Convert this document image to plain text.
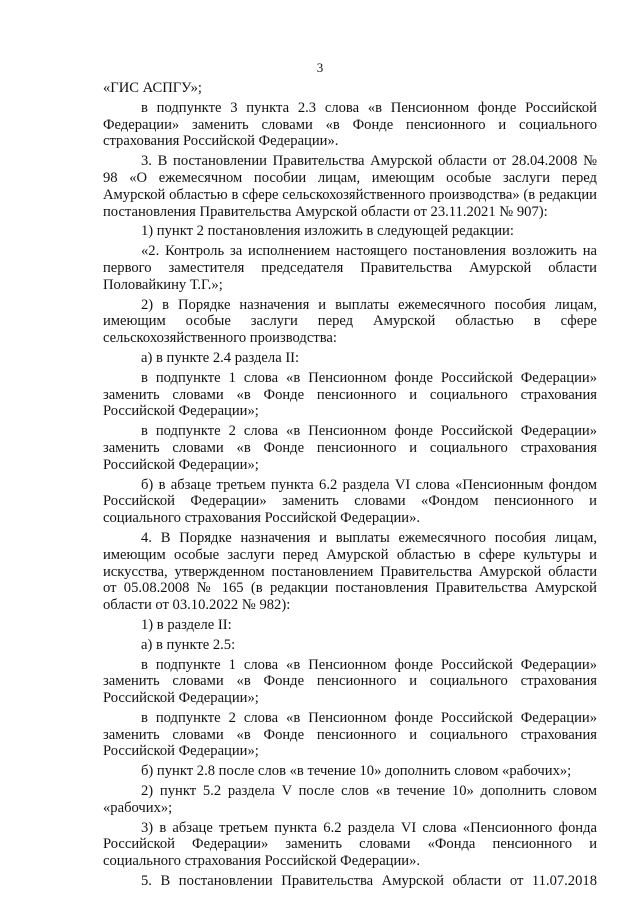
3

«ГИС АСПГУ»;

в подпункте 3 пункта 2.3 слова «в Пенсионном фонде Российской Федерации» заменить словами «в Фонде пенсионного и социального страхования Российской Федерации».

3. В постановлении Правительства Амурской области от 28.04.2008 № 98 «О ежемесячном пособии лицам, имеющим особые заслуги перед Амурской областью в сфере сельскохозяйственного производства» (в редакции постановления Правительства Амурской области от 23.11.2021 № 907):

1) пункт 2 постановления изложить в следующей редакции:

«2. Контроль за исполнением настоящего постановления возложить на первого заместителя председателя Правительства Амурской области Половайкину Т.Г.»;

2) в Порядке назначения и выплаты ежемесячного пособия лицам, имеющим особые заслуги перед Амурской областью в сфере сельскохозяйственного производства:

а) в пункте 2.4 раздела II:

в подпункте 1 слова «в Пенсионном фонде Российской Федерации» заменить словами «в Фонде пенсионного и социального страхования Российской Федерации»;

в подпункте 2 слова «в Пенсионном фонде Российской Федерации» заменить словами «в Фонде пенсионного и социального страхования Российской Федерации»;

б) в абзаце третьем пункта 6.2 раздела VI слова «Пенсионным фондом Российской Федерации» заменить словами «Фондом пенсионного и социального страхования Российской Федерации».

4. В Порядке назначения и выплаты ежемесячного пособия лицам, имеющим особые заслуги перед Амурской областью в сфере культуры и искусства, утвержденном постановлением Правительства Амурской области от 05.08.2008 № 165 (в редакции постановления Правительства Амурской области от 03.10.2022 № 982):

1) в разделе II:

а) в пункте 2.5:

в подпункте 1 слова «в Пенсионном фонде Российской Федерации» заменить словами «в Фонде пенсионного и социального страхования Российской Федерации»;

в подпункте 2 слова «в Пенсионном фонде Российской Федерации» заменить словами «в Фонде пенсионного и социального страхования Российской Федерации»;

б) пункт 2.8 после слов «в течение 10» дополнить словом «рабочих»;

2) пункт 5.2 раздела V после слов «в течение 10» дополнить словом «рабочих»;

3) в абзаце третьем пункта 6.2 раздела VI слова «Пенсионного фонда Российской Федерации» заменить словами «Фонда пенсионного и социального страхования Российской Федерации».

5. В постановлении Правительства Амурской области от 11.07.2018
